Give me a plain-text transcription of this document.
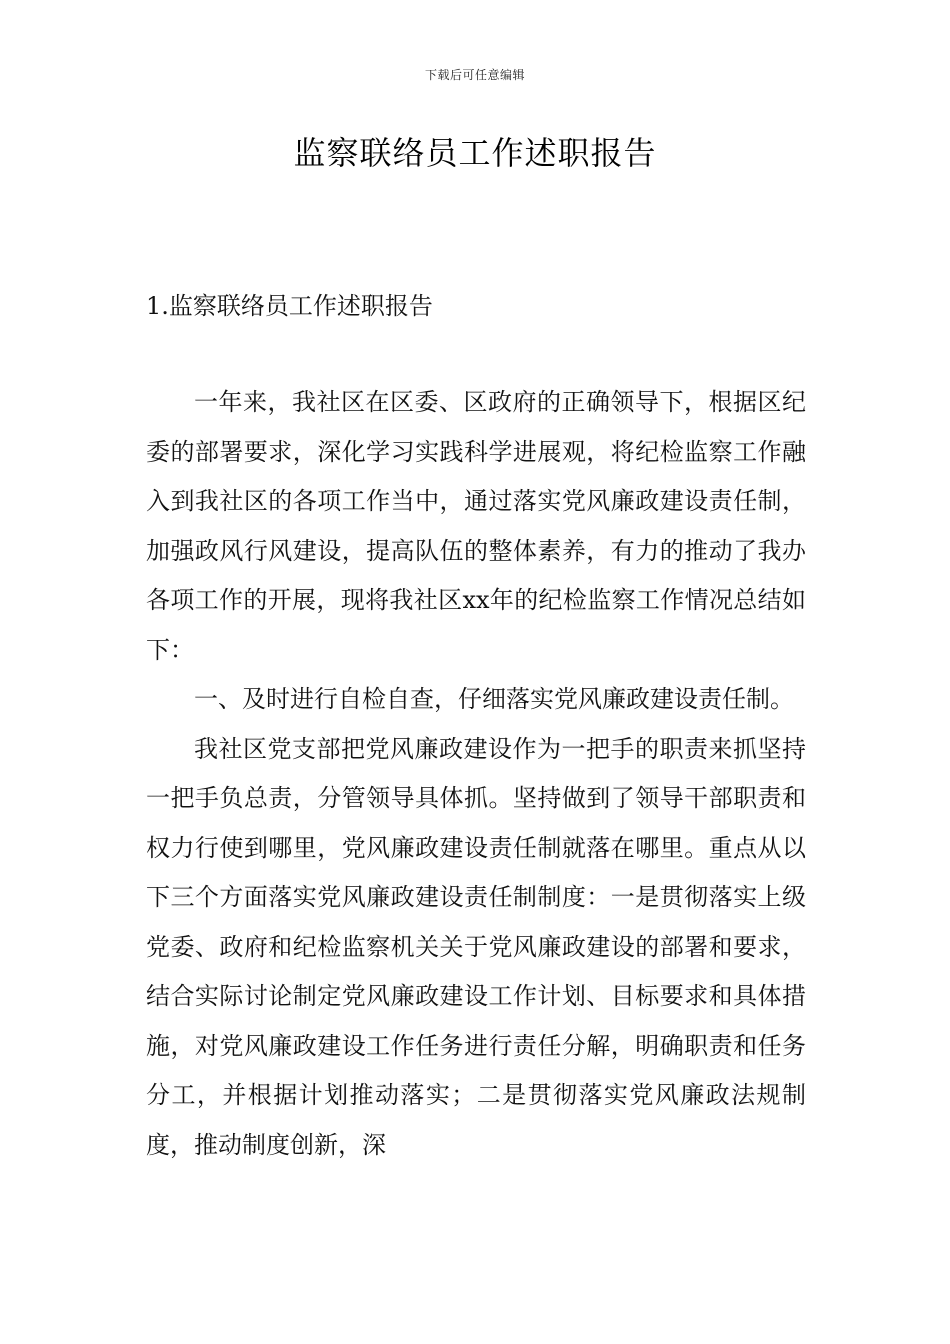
下载后可任意编辑
监察联络员工作述职报告
1.监察联络员工作述职报告

一年来，我社区在区委、区政府的正确领导下，根据区纪委的部署要求，深化学习实践科学进展观，将纪检监察工作融入到我社区的各项工作当中，通过落实党风廉政建设责任制，加强政风行风建设，提高队伍的整体素养，有力的推动了我办各项工作的开展，现将我社区xx年的纪检监察工作情况总结如下：

一、及时进行自检自查，仔细落实党风廉政建设责任制。

我社区党支部把党风廉政建设作为一把手的职责来抓坚持一把手负总责，分管领导具体抓。坚持做到了领导干部职责和权力行使到哪里，党风廉政建设责任制就落在哪里。重点从以下三个方面落实党风廉政建设责任制制度：一是贯彻落实上级党委、政府和纪检监察机关关于党风廉政建设的部署和要求，结合实际讨论制定党风廉政建设工作计划、目标要求和具体措施，对党风廉政建设工作任务进行责任分解，明确职责和任务分工，并根据计划推动落实；二是贯彻落实党风廉政法规制度，推动制度创新，深
